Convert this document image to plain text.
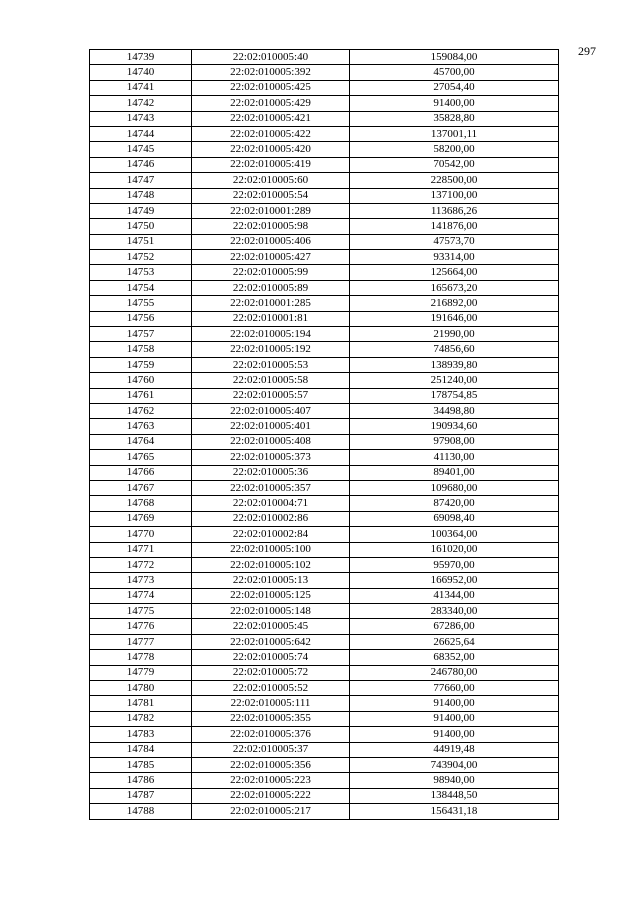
297
14739	22:02:010005:40	159084,00
14740	22:02:010005:392	45700,00
14741	22:02:010005:425	27054,40
14742	22:02:010005:429	91400,00
14743	22:02:010005:421	35828,80
14744	22:02:010005:422	137001,11
14745	22:02:010005:420	58200,00
14746	22:02:010005:419	70542,00
14747	22:02:010005:60	228500,00
14748	22:02:010005:54	137100,00
14749	22:02:010001:289	113686,26
14750	22:02:010005:98	141876,00
14751	22:02:010005:406	47573,70
14752	22:02:010005:427	93314,00
14753	22:02:010005:99	125664,00
14754	22:02:010005:89	165673,20
14755	22:02:010001:285	216892,00
14756	22:02:010001:81	191646,00
14757	22:02:010005:194	21990,00
14758	22:02:010005:192	74856,60
14759	22:02:010005:53	138939,80
14760	22:02:010005:58	251240,00
14761	22:02:010005:57	178754,85
14762	22:02:010005:407	34498,80
14763	22:02:010005:401	190934,60
14764	22:02:010005:408	97908,00
14765	22:02:010005:373	41130,00
14766	22:02:010005:36	89401,00
14767	22:02:010005:357	109680,00
14768	22:02:010004:71	87420,00
14769	22:02:010002:86	69098,40
14770	22:02:010002:84	100364,00
14771	22:02:010005:100	161020,00
14772	22:02:010005:102	95970,00
14773	22:02:010005:13	166952,00
14774	22:02:010005:125	41344,00
14775	22:02:010005:148	283340,00
14776	22:02:010005:45	67286,00
14777	22:02:010005:642	26625,64
14778	22:02:010005:74	68352,00
14779	22:02:010005:72	246780,00
14780	22:02:010005:52	77660,00
14781	22:02:010005:111	91400,00
14782	22:02:010005:355	91400,00
14783	22:02:010005:376	91400,00
14784	22:02:010005:37	44919,48
14785	22:02:010005:356	743904,00
14786	22:02:010005:223	98940,00
14787	22:02:010005:222	138448,50
14788	22:02:010005:217	156431,18
